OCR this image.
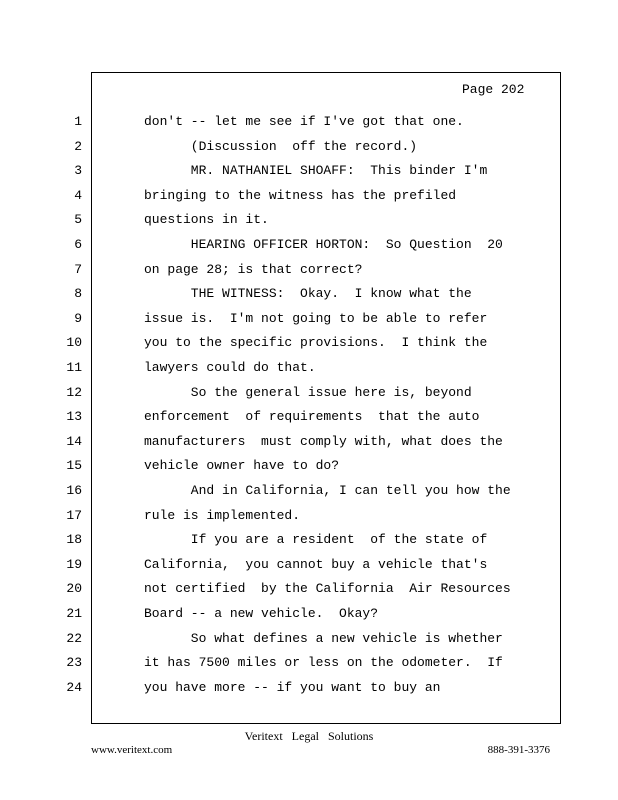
Page 202
1	don't -- let me see if I've got that one.
2	(Discussion  off the record.)
3	MR. NATHANIEL SHOAFF:  This binder I'm
4	bringing to the witness has the prefiled
5	questions in it.
6	HEARING OFFICER HORTON:  So Question  20
7	on page 28; is that correct?
8	THE WITNESS:  Okay.  I know what the
9	issue is.  I'm not going to be able to refer
10	you to the specific provisions.  I think the
11	lawyers could do that.
12	So the general issue here is, beyond
13	enforcement  of requirements  that the auto
14	manufacturers  must comply with, what does the
15	vehicle owner have to do?
16	And in California, I can tell you how the
17	rule is implemented.
18	If you are a resident  of the state of
19	California,  you cannot buy a vehicle that's
20	not certified  by the California  Air Resources
21	Board -- a new vehicle.  Okay?
22	So what defines a new vehicle is whether
23	it has 7500 miles or less on the odometer.  If
24	you have more -- if you want to buy an
Veritext Legal Solutions
www.veritext.com	888-391-3376
